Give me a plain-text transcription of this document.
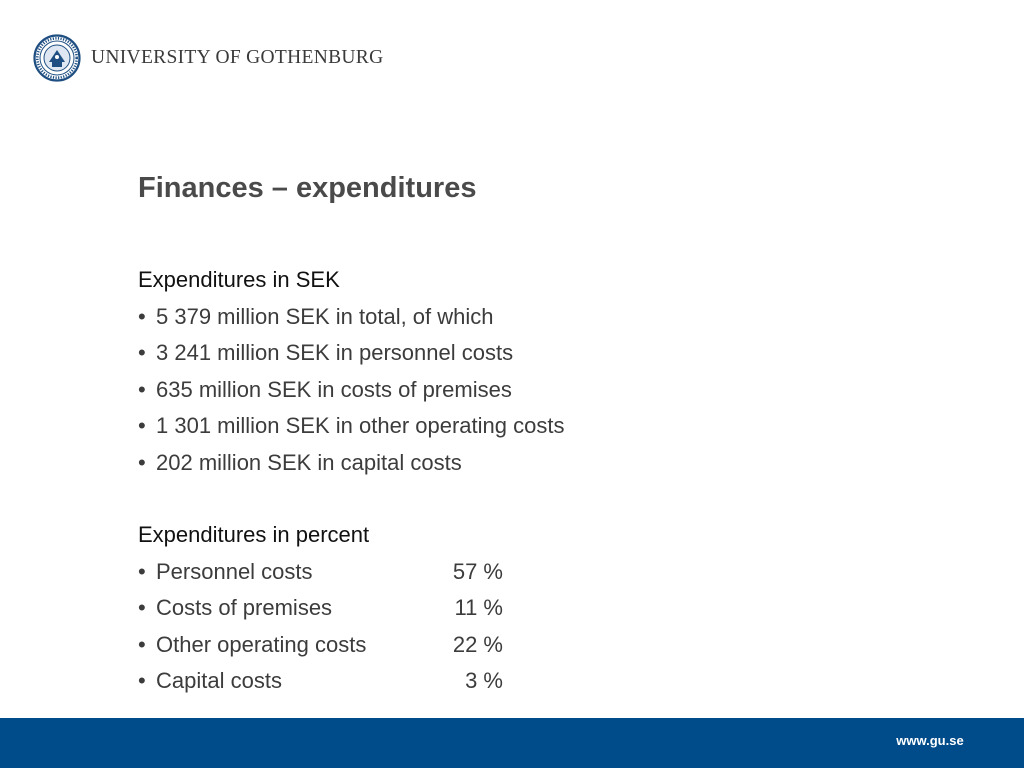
UNIVERSITY OF GOTHENBURG
Finances – expenditures
Expenditures in SEK
• 5 379 million SEK in total, of which
• 3 241 million SEK in personnel costs
• 635 million SEK in costs of premises
• 1 301 million SEK in other operating costs
• 202 million SEK in capital costs
Expenditures in percent
• Personnel costs	57 %
• Costs of premises	11 %
• Other operating costs	22 %
• Capital costs	3 %
www.gu.se
